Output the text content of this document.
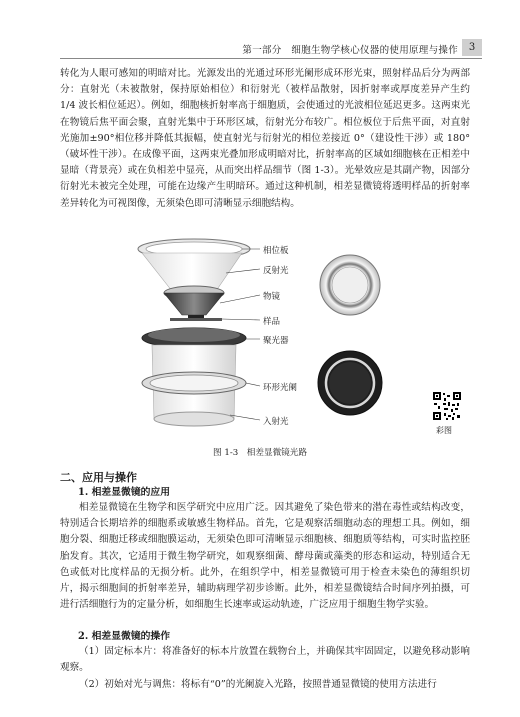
第一部分　细胞生物学核心仪器的使用原理与操作	3

转化为人眼可感知的明暗对比。光源发出的光通过环形光阑形成环形光束，照射样品后分为两部分：直射光（未被散射，保持原始相位）和衍射光（被样品散射，因折射率或厚度差异产生约 1/4 波长相位延迟）。例如，细胞核折射率高于细胞质，会使通过的光波相位延迟更多。这两束光在物镜后焦平面会聚，直射光集中于环形区域，衍射光分布较广。相位板位于后焦平面，对直射光施加±90°相位移并降低其振幅，使直射光与衍射光的相位差接近 0°（建设性干涉）或 180°（破坏性干涉）。在成像平面，这两束光叠加形成明暗对比，折射率高的区域如细胞核在正相差中显暗（背景亮）或在负相差中显亮，从而突出样品细节（图 1-3）。光晕效应是其副产物，因部分衍射光未被完全处理，可能在边缘产生明暗环。通过这种机制，相差显微镜将透明样品的折射率差异转化为可视图像，无须染色即可清晰显示细胞结构。

相位板
反射光
物镜
样品
聚光器
环形光阑
入射光
彩图
图 1-3　相差显微镜光路
二、应用与操作
1. 相差显微镜的应用

相差显微镜在生物学和医学研究中应用广泛。因其避免了染色带来的潜在毒性或结构改变，特别适合长期培养的细胞系或敏感生物样品。首先，它是观察活细胞动态的理想工具。例如，细胞分裂、细胞迁移或细胞膜运动，无须染色即可清晰显示细胞核、细胞质等结构，可实时监控胚胎发育。其次，它适用于微生物学研究，如观察细菌、酵母菌或藻类的形态和运动，特别适合无色或低对比度样品的无损分析。此外，在组织学中，相差显微镜可用于检查未染色的薄组织切片，揭示细胞间的折射率差异，辅助病理学初步诊断。此外，相差显微镜结合时间序列拍摄，可进行活细胞行为的定量分析，如细胞生长速率或运动轨迹，广泛应用于细胞生物学实验。

2. 相差显微镜的操作

（1）固定标本片：将准备好的标本片放置在载物台上，并确保其牢固固定，以避免移动影响观察。

（2）初始对光与调焦：将标有“0”的光阑旋入光路，按照普通显微镜的使用方法进行
